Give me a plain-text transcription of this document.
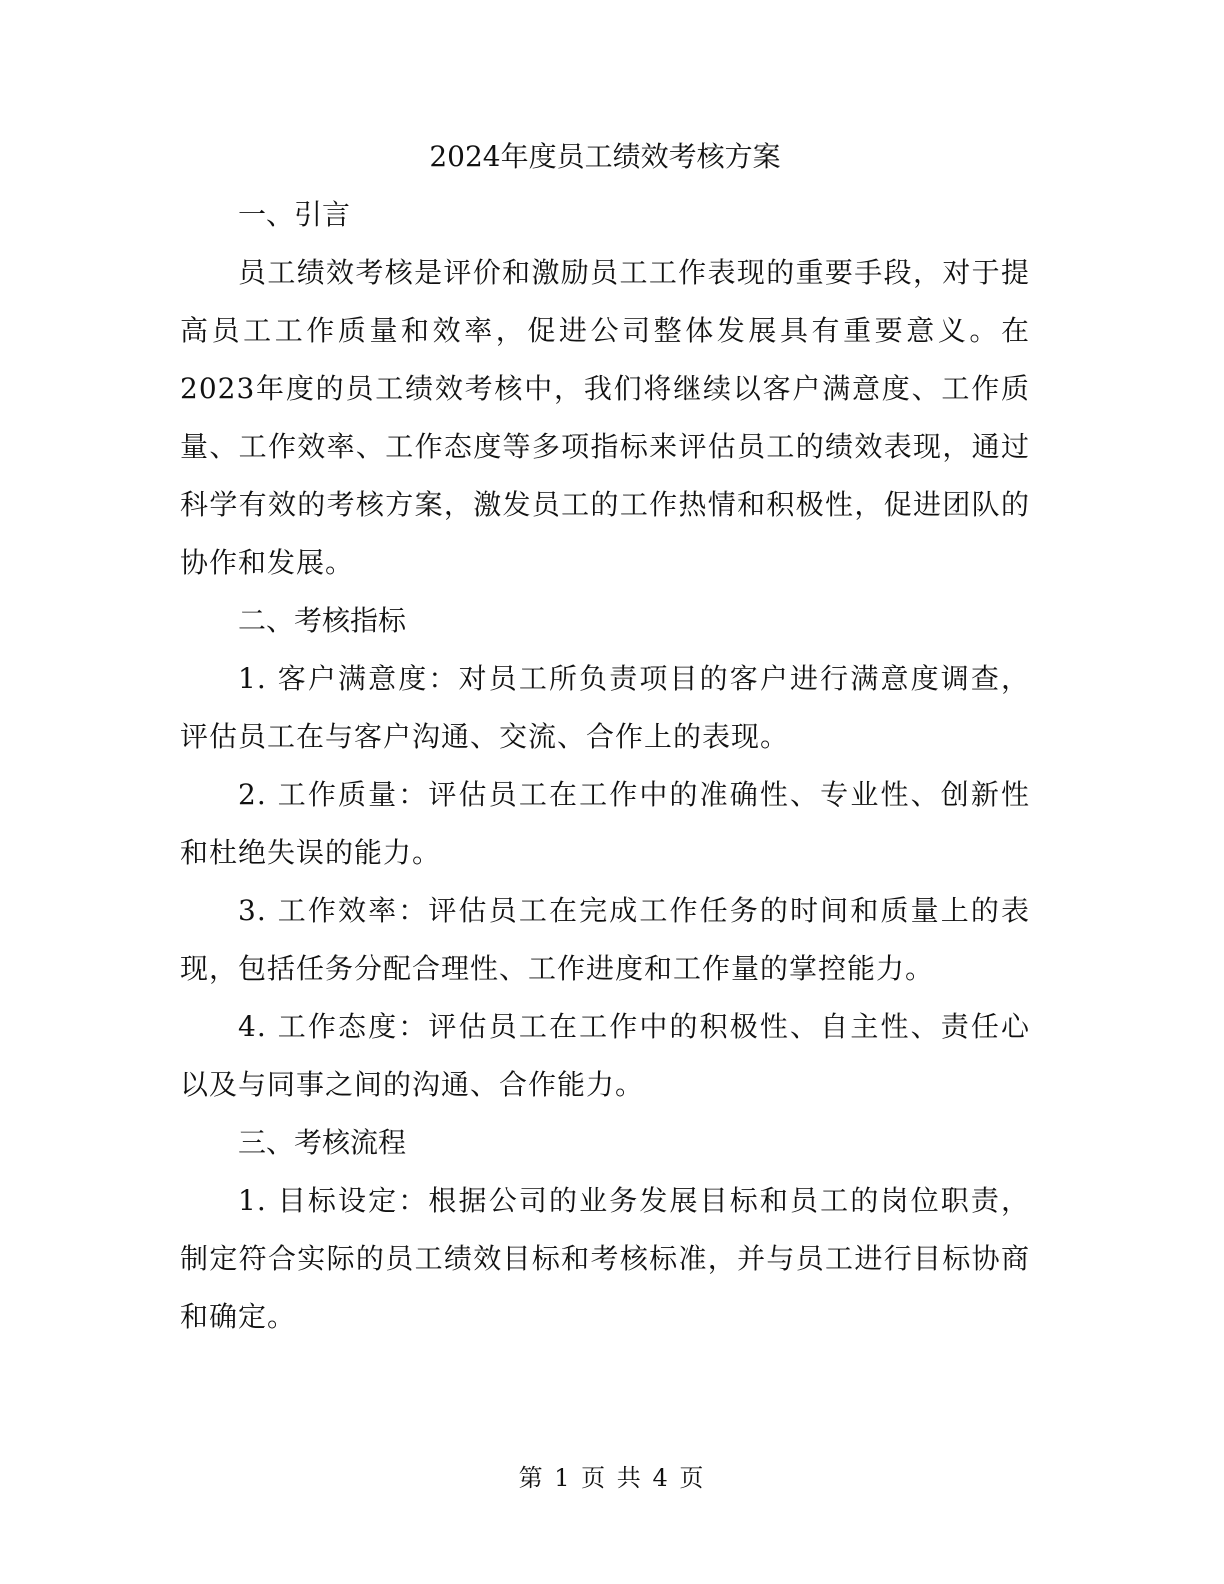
2024年度员工绩效考核方案
一、引言

员工绩效考核是评价和激励员工工作表现的重要手段，对于提高员工工作质量和效率，促进公司整体发展具有重要意义。在2023年度的员工绩效考核中，我们将继续以客户满意度、工作质量、工作效率、工作态度等多项指标来评估员工的绩效表现，通过科学有效的考核方案，激发员工的工作热情和积极性，促进团队的协作和发展。

二、考核指标

1. 客户满意度：对员工所负责项目的客户进行满意度调查，评估员工在与客户沟通、交流、合作上的表现。

2. 工作质量：评估员工在工作中的准确性、专业性、创新性和杜绝失误的能力。

3. 工作效率：评估员工在完成工作任务的时间和质量上的表现，包括任务分配合理性、工作进度和工作量的掌控能力。

4. 工作态度：评估员工在工作中的积极性、自主性、责任心以及与同事之间的沟通、合作能力。

三、考核流程

1. 目标设定：根据公司的业务发展目标和员工的岗位职责，制定符合实际的员工绩效目标和考核标准，并与员工进行目标协商和确定。

第 1 页 共 4 页
